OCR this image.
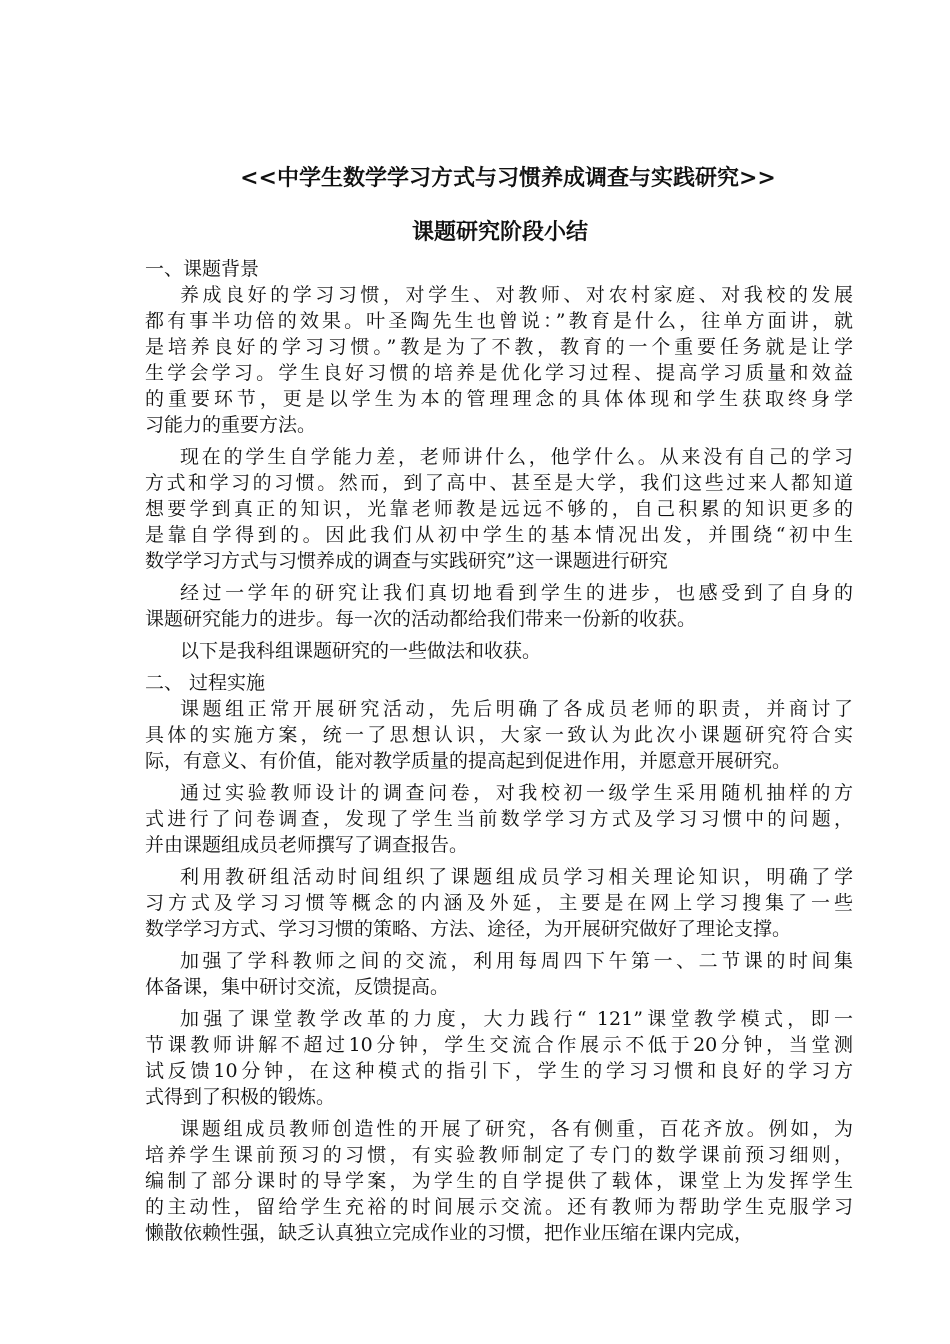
<<中学生数学学习方式与习惯养成调查与实践研究>>
课题研究阶段小结
一、课题背景
养成良好的学习习惯，对学生、对教师、对农村家庭、对我校的发展
都有事半功倍的效果。叶圣陶先生也曾说：”教育是什么，往单方面讲，就
是培养良好的学习习惯。”教是为了不教，教育的一个重要任务就是让学
生学会学习。学生良好习惯的培养是优化学习过程、提高学习质量和效益
的重要环节，更是以学生为本的管理理念的具体体现和学生获取终身学
习能力的重要方法。
现在的学生自学能力差，老师讲什么，他学什么。从来没有自己的学习
方式和学习的习惯。然而，到了高中、甚至是大学，我们这些过来人都知道
想要学到真正的知识，光靠老师教是远远不够的，自己积累的知识更多的
是靠自学得到的。因此我们从初中学生的基本情况出发，并围绕“初中生
数学学习方式与习惯养成的调查与实践研究”这一课题进行研究
经过一学年的研究让我们真切地看到学生的进步，也感受到了自身的
课题研究能力的进步。每一次的活动都给我们带来一份新的收获。
以下是我科组课题研究的一些做法和收获。
二、 过程实施
课题组正常开展研究活动，先后明确了各成员老师的职责，并商讨了
具体的实施方案，统一了思想认识，大家一致认为此次小课题研究符合实
际，有意义、有价值，能对教学质量的提高起到促进作用，并愿意开展研究。
通过实验教师设计的调查问卷，对我校初一级学生采用随机抽样的方
式进行了问卷调查，发现了学生当前数学学习方式及学习习惯中的问题，
并由课题组成员老师撰写了调查报告。
利用教研组活动时间组织了课题组成员学习相关理论知识，明确了学
习方式及学习习惯等概念的内涵及外延，主要是在网上学习搜集了一些
数学学习方式、学习习惯的策略、方法、途径，为开展研究做好了理论支撑。
加强了学科教师之间的交流，利用每周四下午第一、二节课的时间集
体备课，集中研讨交流，反馈提高。
加强了课堂教学改革的力度，大力践行“ 121”课堂教学模式，即一
节课教师讲解不超过10分钟，学生交流合作展示不低于20分钟，当堂测
试反馈10分钟，在这种模式的指引下，学生的学习习惯和良好的学习方
式得到了积极的锻炼。
课题组成员教师创造性的开展了研究，各有侧重，百花齐放。例如，为
培养学生课前预习的习惯，有实验教师制定了专门的数学课前预习细则，
编制了部分课时的导学案，为学生的自学提供了载体，课堂上为发挥学生
的主动性，留给学生充裕的时间展示交流。还有教师为帮助学生克服学习
懒散依赖性强，缺乏认真独立完成作业的习惯，把作业压缩在课内完成，
